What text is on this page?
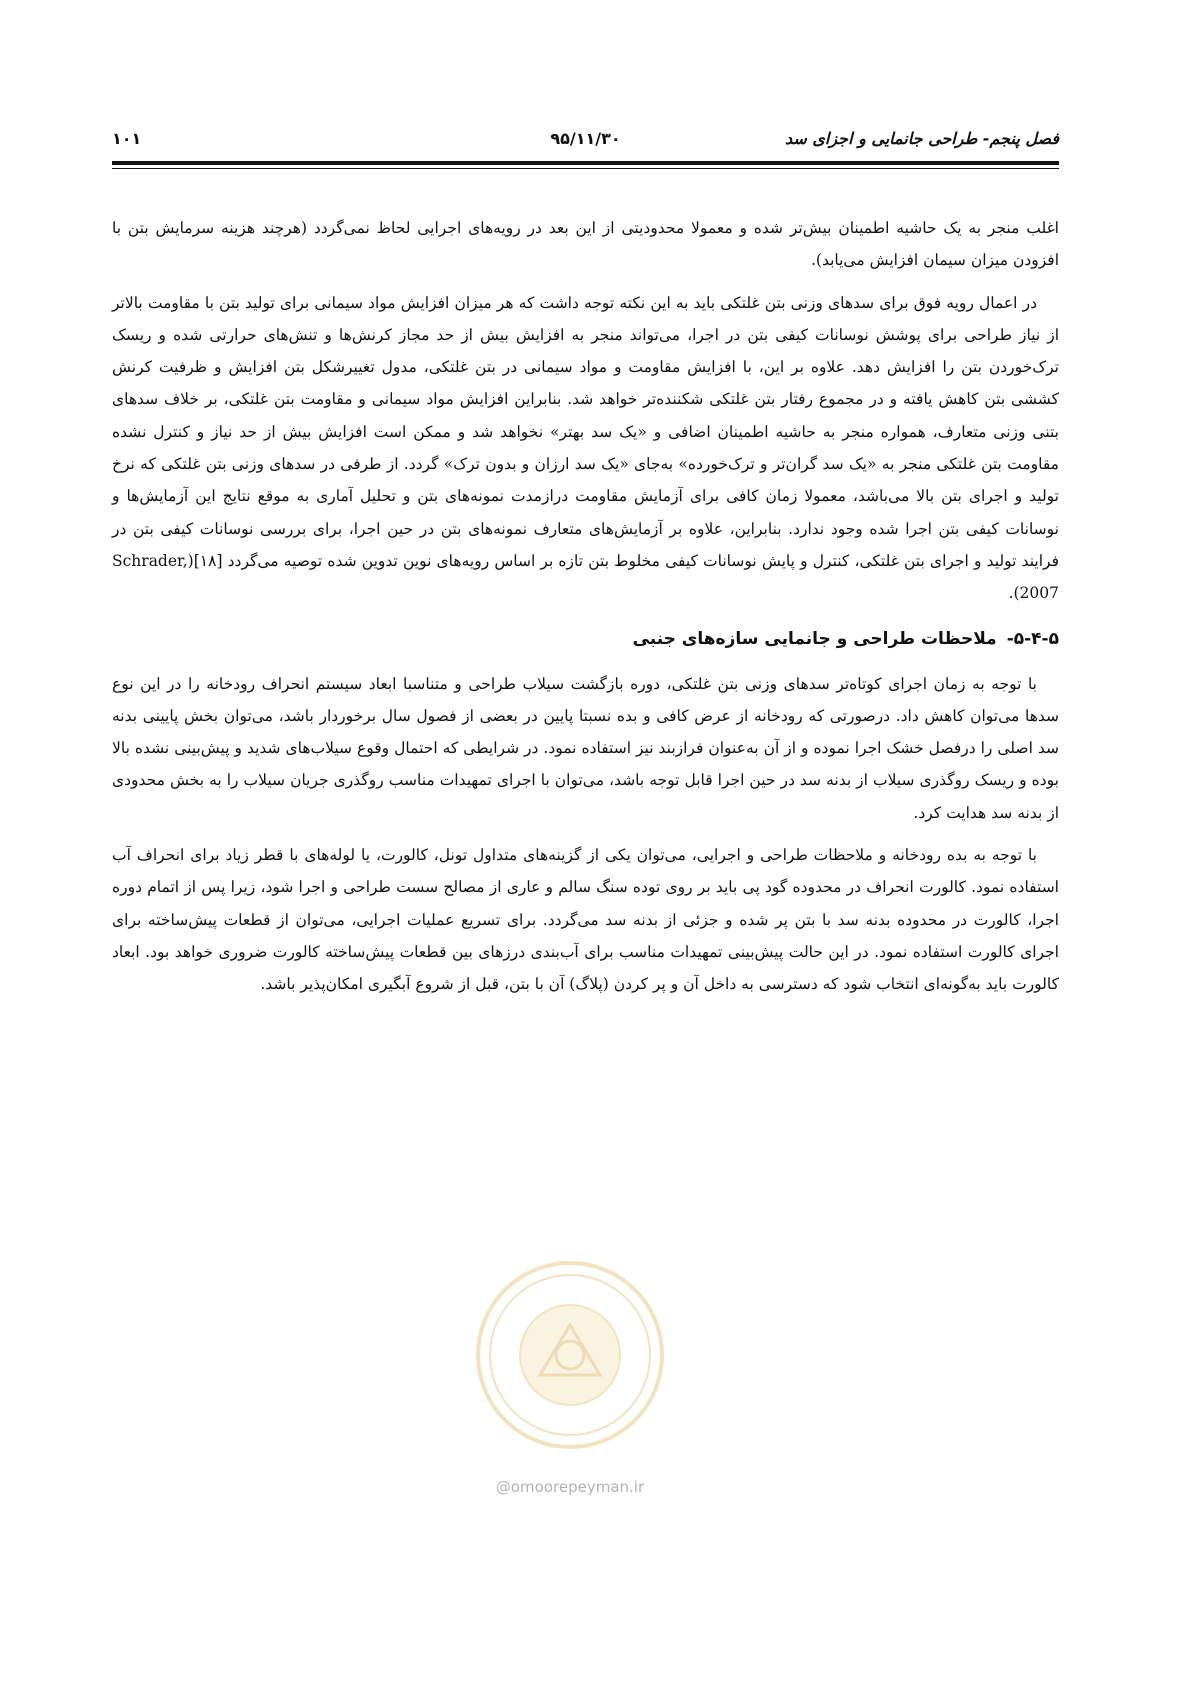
فصل پنجم- طراحی جانمایی و اجزای سد
۹۵/۱۱/۳۰
۱۰۱

اغلب منجر به یک حاشیه اطمینان بیش‌تر شده و معمولا محدودیتی از این بعد در رویه‌های اجرایی لحاظ نمی‌گردد (هرچند هزینه سرمایش بتن با افزودن میزان سیمان افزایش می‌یابد).

در اعمال رویه فوق برای سدهای وزنی بتن غلتکی باید به این نکته توجه داشت که هر میزان افزایش مواد سیمانی برای تولید بتن با مقاومت بالاتر از نیاز طراحی برای پوشش نوسانات کیفی بتن در اجرا، می‌تواند منجر به افزایش بیش از حد مجاز کرنش‌ها و تنش‌های حرارتی شده و ریسک ترک‌خوردن بتن را افزایش دهد. علاوه بر این، با افزایش مقاومت و مواد سیمانی در بتن غلتکی، مدول تغییرشکل بتن افزایش و ظرفیت کرنش کششی بتن کاهش یافته و در مجموع رفتار بتن غلتکی شکننده‌تر خواهد شد. بنابراین افزایش مواد سیمانی و مقاومت بتن غلتکی، بر خلاف سدهای بتنی وزنی متعارف، همواره منجر به حاشیه اطمینان اضافی و «یک سد بهتر» نخواهد شد و ممکن است افزایش بیش از حد نیاز و کنترل نشده مقاومت بتن غلتکی منجر به «یک سد گران‌تر و ترک‌خورده» به‌جای «یک سد ارزان و بدون ترک» گردد. از طرفی در سدهای وزنی بتن غلتکی که نرخ تولید و اجرای بتن بالا می‌باشد، معمولا زمان کافی برای آزمایش مقاومت درازمدت نمونه‌های بتن و تحلیل آماری به موقع نتایج این آزمایش‌ها و نوسانات کیفی بتن اجرا شده وجود ندارد. بنابراین، علاوه بر آزمایش‌های متعارف نمونه‌های بتن در حین اجرا، برای بررسی نوسانات کیفی بتن در فرایند تولید و اجرای بتن غلتکی، کنترل و پایش نوسانات کیفی مخلوط بتن تازه بر اساس رویه‌های نوین تدوین شده توصیه می‌گردد [۱۸](Schrader, 2007).

۵-۴-۵-
ملاحظات طراحی و جانمایی سازه‌های جنبی

با توجه به زمان اجرای کوتاه‌تر سدهای وزنی بتن غلتکی، دوره بازگشت سیلاب طراحی و متناسبا ابعاد سیستم انحراف رودخانه را در این نوع سدها می‌توان کاهش داد. درصورتی که رودخانه از عرض کافی و بده نسبتا پایین در بعضی از فصول سال برخوردار باشد، می‌توان بخش پایینی بدنه سد اصلی را درفصل خشک اجرا نموده و از آن به‌عنوان فرازبند نیز استفاده نمود. در شرایطی که احتمال وقوع سیلاب‌های شدید و پیش‌بینی نشده بالا بوده و ریسک روگذری سیلاب از بدنه سد در حین اجرا قابل توجه باشد، می‌توان با اجرای تمهیدات مناسب روگذری جریان سیلاب را به بخش محدودی از بدنه سد هدایت کرد.

با توجه به بده رودخانه و ملاحظات طراحی و اجرایی، می‌توان یکی از گزینه‌های متداول تونل، کالورت، یا لوله‌های با قطر زیاد برای انحراف آب استفاده نمود. کالورت انحراف در محدوده گود پی باید بر روی توده سنگ سالم و عاری از مصالح سست طراحی و اجرا شود، زیرا پس از اتمام دوره اجرا، کالورت در محدوده بدنه سد با بتن پر شده و جزئی از بدنه سد می‌گردد. برای تسریع عملیات اجرایی، می‌توان از قطعات پیش‌ساخته برای اجرای کالورت استفاده نمود. در این حالت پیش‌بینی تمهیدات مناسب برای آب‌بندی درزهای بین قطعات پیش‌ساخته کالورت ضروری خواهد بود. ابعاد کالورت باید به‌گونه‌ای انتخاب شود که دسترسی به داخل آن و پر کردن (پلاگ) آن با بتن، قبل از شروع آبگیری امکان‌پذیر باشد.

@omoorepeyman.ir
